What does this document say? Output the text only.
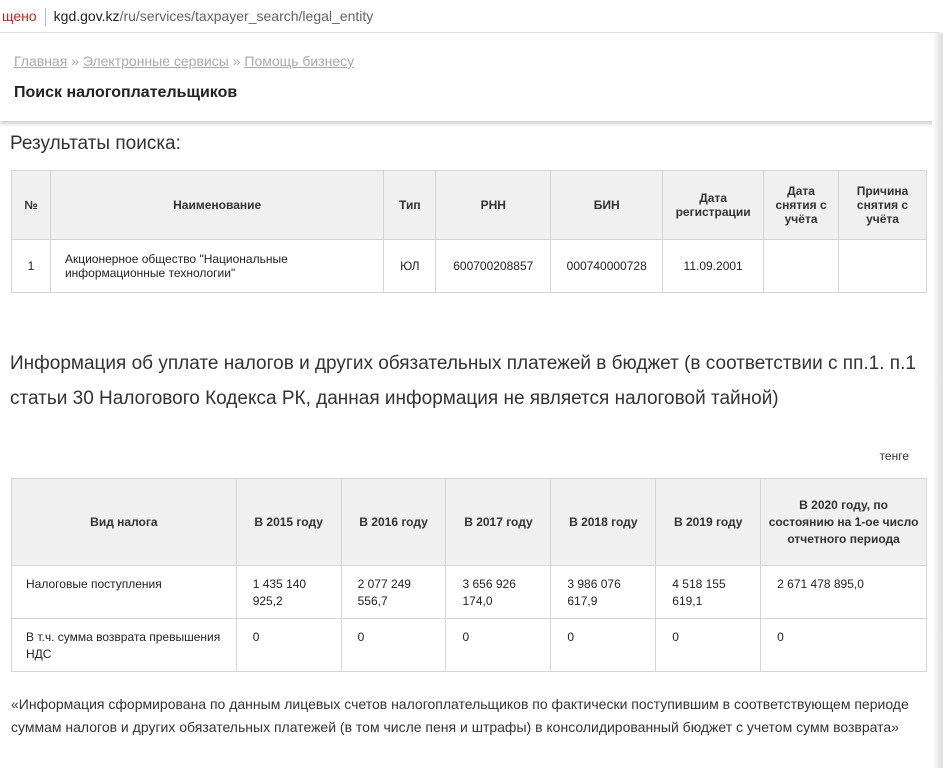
щено kgd.gov.kz/ru/services/taxpayer_search/legal_entity
Главная » Электронные сервисы » Помощь бизнесу
Поиск налогоплательщиков
Результаты поиска:
№	Наименование	Тип	РНН	БИН	Дата регистрации	Дата снятия с учёта	Причина снятия с учёта
1	Акционерное общество "Национальные информационные технологии"	ЮЛ	600700208857	000740000728	11.09.2001		
Информация об уплате налогов и других обязательных платежей в бюджет (в соответствии с пп.1. п.1 статьи 30 Налогового Кодекса РК, данная информация не является налоговой тайной)
тенге
Вид налога	В 2015 году	В 2016 году	В 2017 году	В 2018 году	В 2019 году	В 2020 году, по состоянию на 1-ое число отчетного периода
Налоговые поступления	1 435 140 925,2	2 077 249 556,7	3 656 926 174,0	3 986 076 617,9	4 518 155 619,1	2 671 478 895,0
В т.ч. сумма возврата превышения НДС	0	0	0	0	0	0
«Информация сформирована по данным лицевых счетов налогоплательщиков по фактически поступившим в соответствующем периоде суммам налогов и других обязательных платежей (в том числе пеня и штрафы) в консолидированный бюджет с учетом сумм возврата»
